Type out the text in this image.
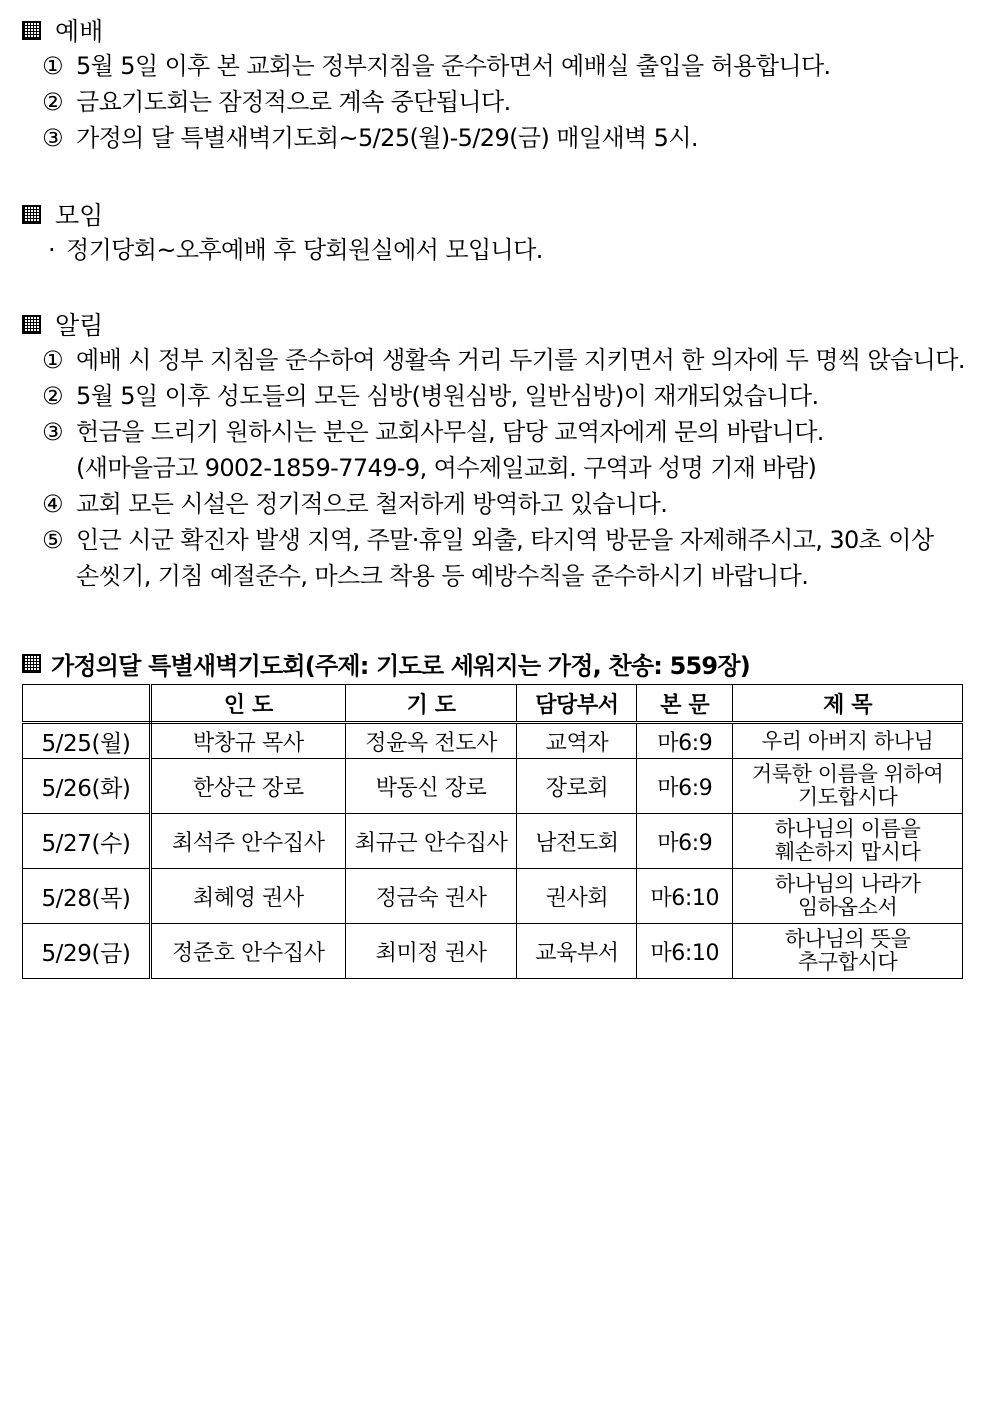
예배
① 5월 5일 이후 본 교회는 정부지침을 준수하면서 예배실 출입을 허용합니다.
② 금요기도회는 잠정적으로 계속 중단됩니다.
③ 가정의 달 특별새벽기도회~5/25(월)-5/29(금) 매일새벽 5시.
모임
· 정기당회~오후예배 후 당회원실에서 모입니다.
알림
① 예배 시 정부 지침을 준수하여 생활속 거리 두기를 지키면서 한 의자에 두 명씩 앉습니다.
② 5월 5일 이후 성도들의 모든 심방(병원심방, 일반심방)이 재개되었습니다.
③ 헌금을 드리기 원하시는 분은 교회사무실, 담당 교역자에게 문의 바랍니다.
(새마을금고 9002-1859-7749-9, 여수제일교회. 구역과 성명 기재 바람)
④ 교회 모든 시설은 정기적으로 철저하게 방역하고 있습니다.
⑤ 인근 시군 확진자 발생 지역, 주말·휴일 외출, 타지역 방문을 자제해주시고, 30초 이상
손씻기, 기침 예절준수, 마스크 착용 등 예방수칙을 준수하시기 바랍니다.
가정의달 특별새벽기도회(주제: 기도로 세워지는 가정, 찬송: 559장)
	인 도	기 도	담당부서	본 문	제 목
5/25(월)	박창규 목사	정윤옥 전도사	교역자	마6:9	우리 아버지 하나님

5/26(화)	한상근 장로	박동신 장로	장로회	마6:9	거룩한 이름을 위하여
기도합시다

5/27(수)	최석주 안수집사	최규근 안수집사	남전도회	마6:9	하나님의 이름을
훼손하지 맙시다

5/28(목)	최혜영 권사	정금숙 권사	권사회	마6:10	하나님의 나라가
임하옵소서

5/29(금)	정준호 안수집사	최미정 권사	교육부서	마6:10	하나님의 뜻을
추구합시다
